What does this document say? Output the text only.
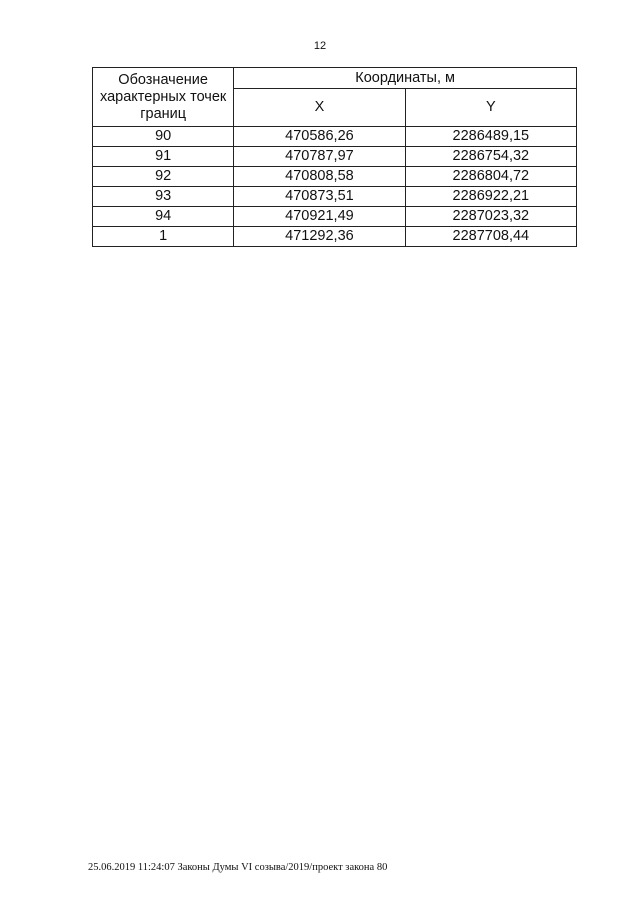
12
Обозначение
характерных точек
границ	Координаты, м	
	X	Y
90	470586,26	2286489,15
91	470787,97	2286754,32
92	470808,58	2286804,72
93	470873,51	2286922,21
94	470921,49	2287023,32
1	471292,36	2287708,44
25.06.2019 11:24:07 Законы Думы VI созыва/2019/проект закона 80
